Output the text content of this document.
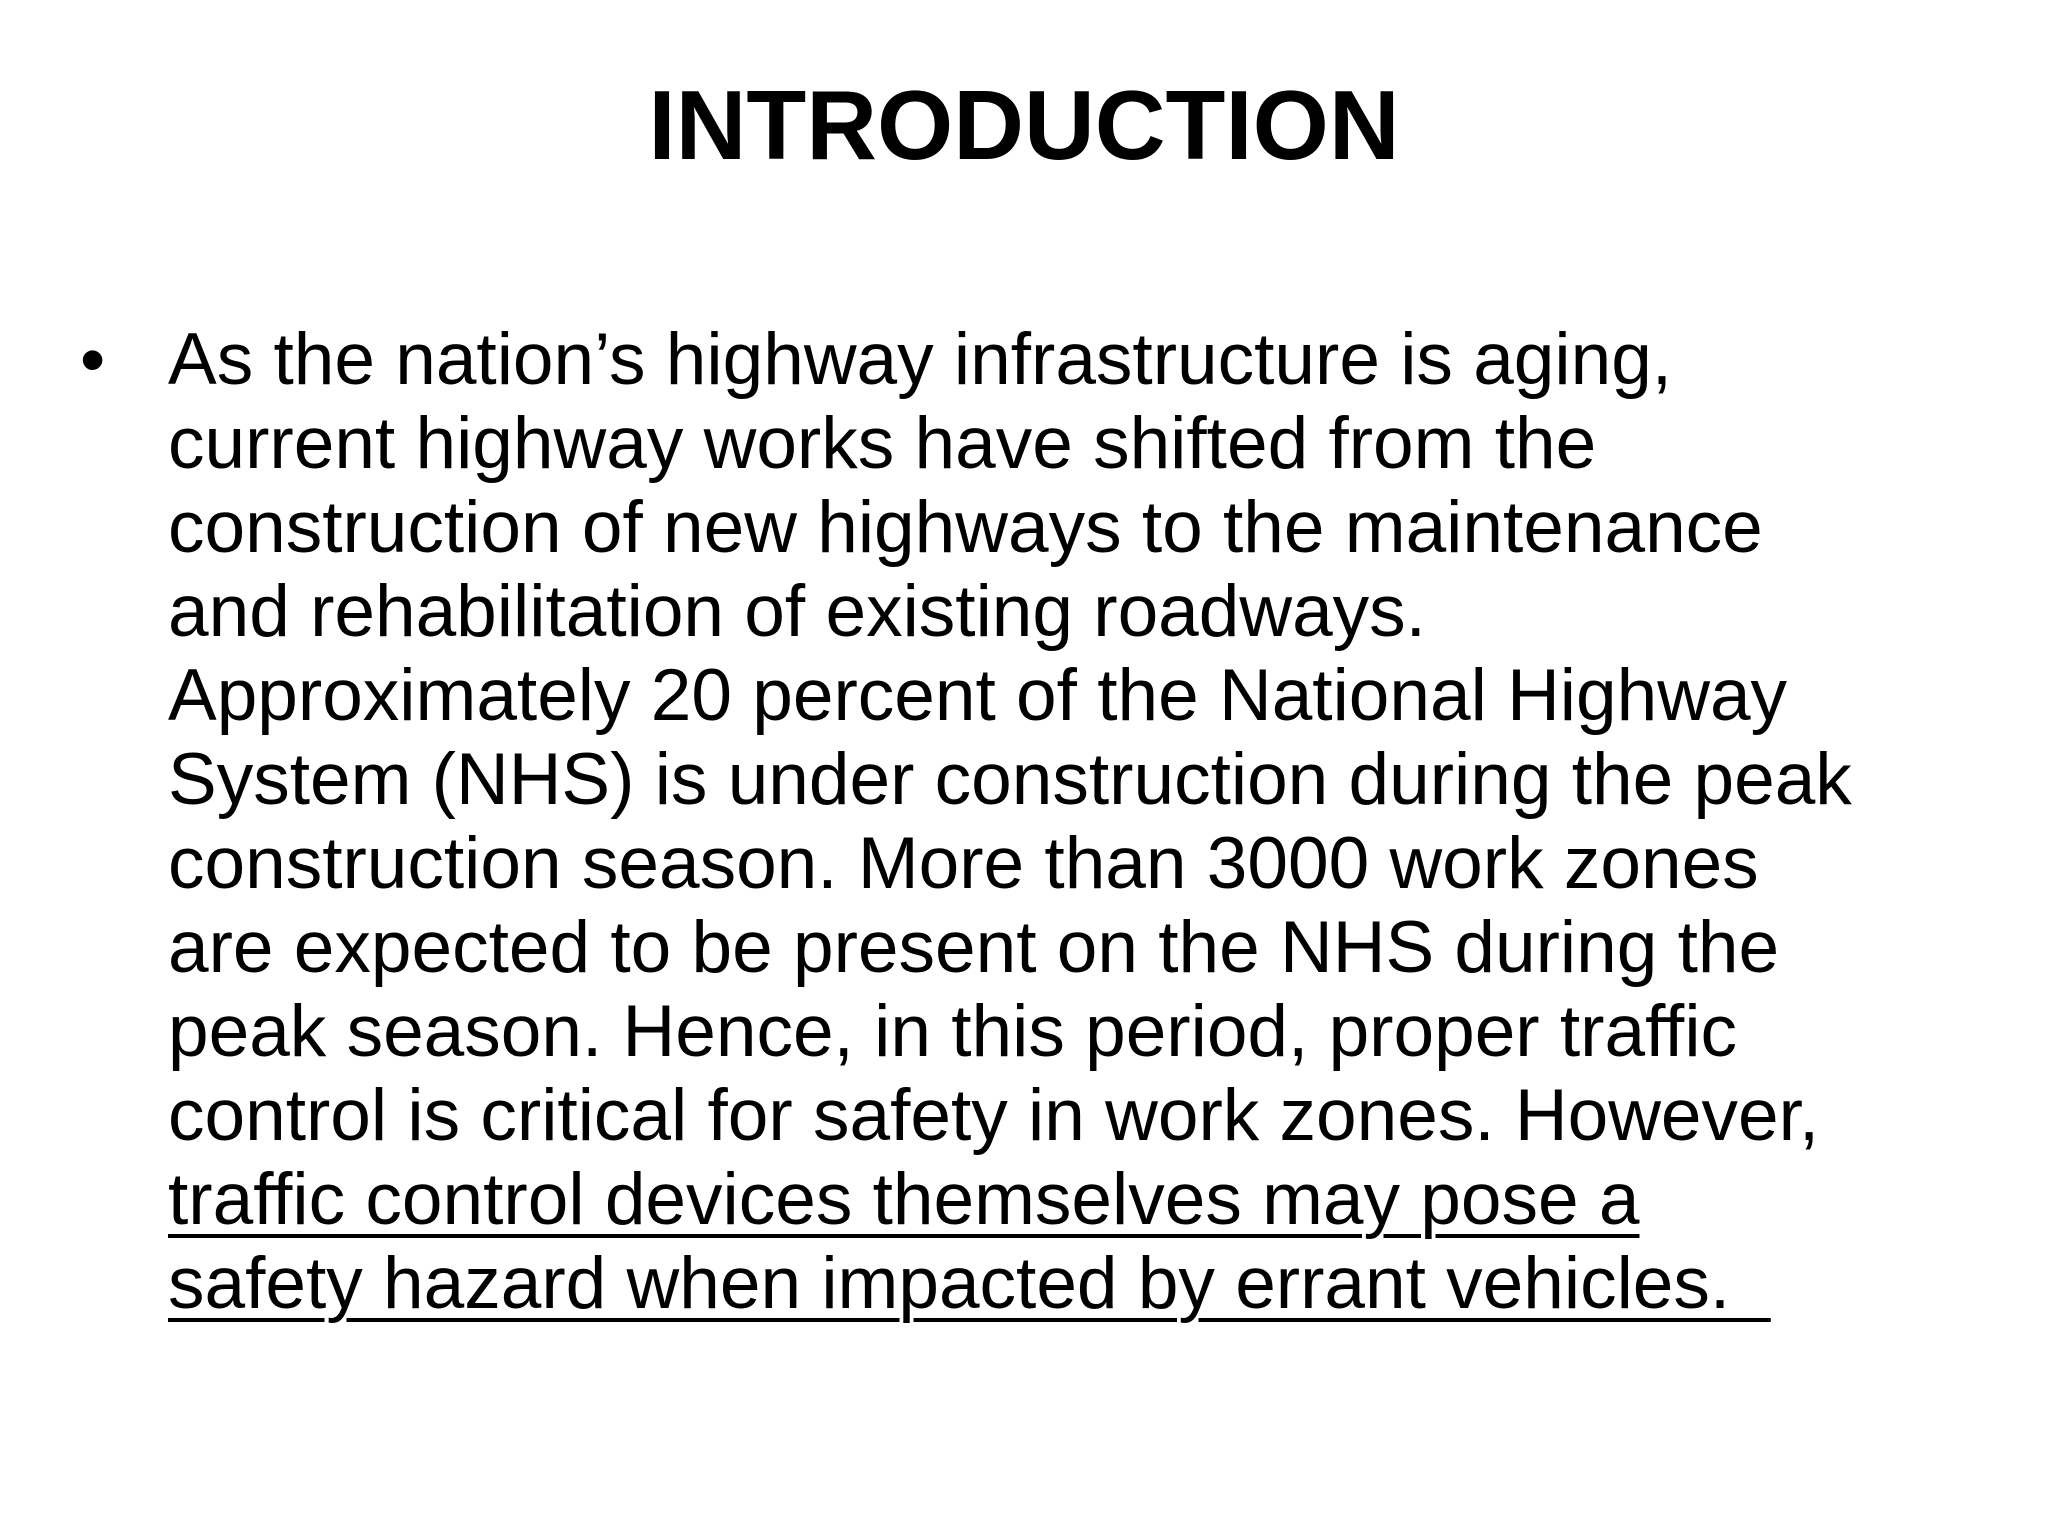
INTRODUCTION
• As the nation’s highway infrastructure is aging,
current highway works have shifted from the
construction of new highways to the maintenance
and rehabilitation of existing roadways.
Approximately 20 percent of the National Highway
System (NHS) is under construction during the peak
construction season. More than 3000 work zones
are expected to be present on the NHS during the
peak season. Hence, in this period, proper traffic
control is critical for safety in work zones. However,
traffic control devices themselves may pose a
safety hazard when impacted by errant vehicles.
